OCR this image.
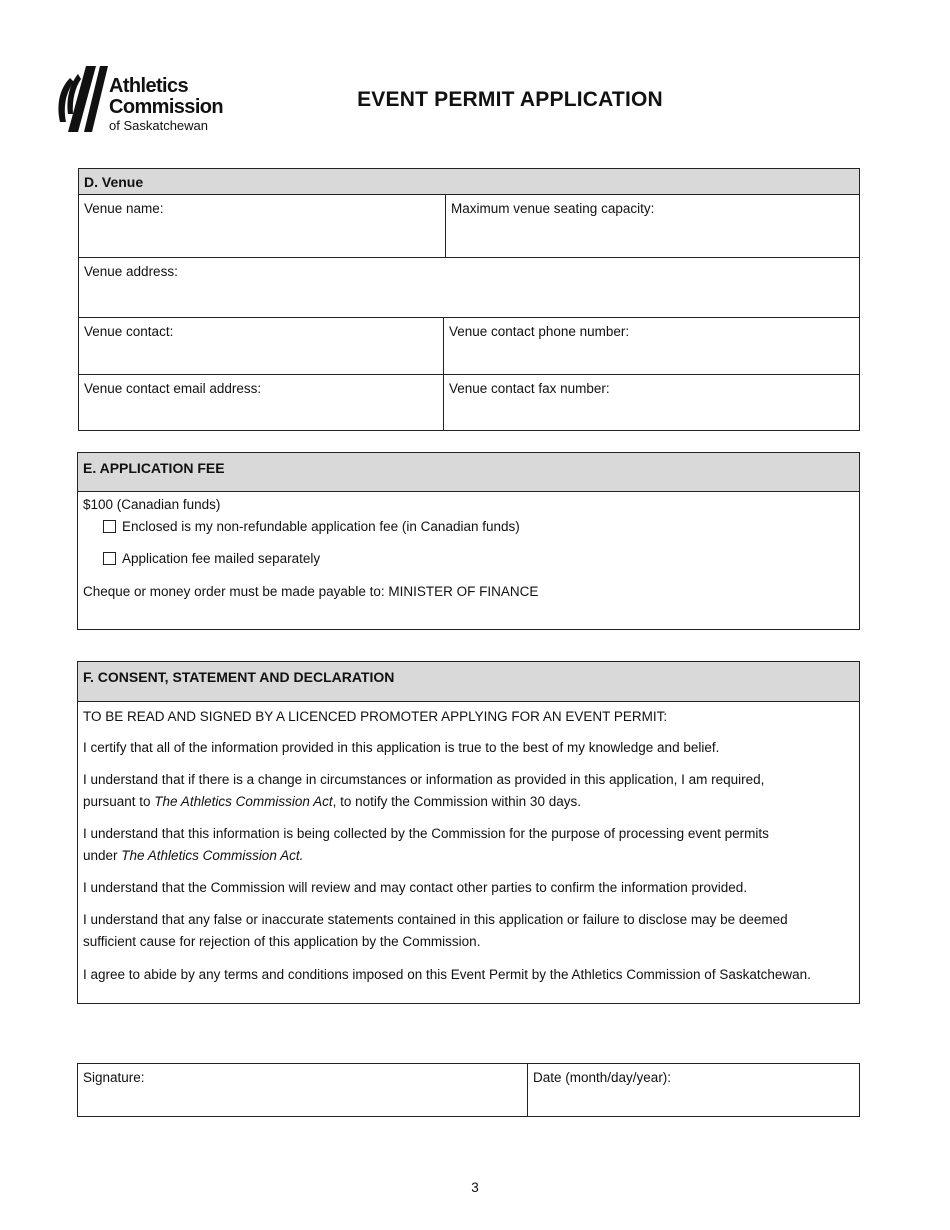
Athletics
Commission
of Saskatchewan
EVENT PERMIT APPLICATION
D. Venue
Venue name:	Maximum venue seating capacity:
Venue address:
Venue contact:	Venue contact phone number:
Venue contact email address:	Venue contact fax number:
E. APPLICATION FEE
$100 (Canadian funds)
Enclosed is my non-refundable application fee (in Canadian funds)
Application fee mailed separately
Cheque or money order must be made payable to: MINISTER OF FINANCE
F. CONSENT, STATEMENT AND DECLARATION
TO BE READ AND SIGNED BY A LICENCED PROMOTER APPLYING FOR AN EVENT PERMIT:
I certify that all of the information provided in this application is true to the best of my knowledge and belief.
I understand that if there is a change in circumstances or information as provided in this application, I am required,
pursuant to The Athletics Commission Act, to notify the Commission within 30 days.
I understand that this information is being collected by the Commission for the purpose of processing event permits
under The Athletics Commission Act.
I understand that the Commission will review and may contact other parties to confirm the information provided.
I understand that any false or inaccurate statements contained in this application or failure to disclose may be deemed
sufficient cause for rejection of this application by the Commission.
I agree to abide by any terms and conditions imposed on this Event Permit by the Athletics Commission of Saskatchewan.
Signature:	Date (month/day/year):
3
